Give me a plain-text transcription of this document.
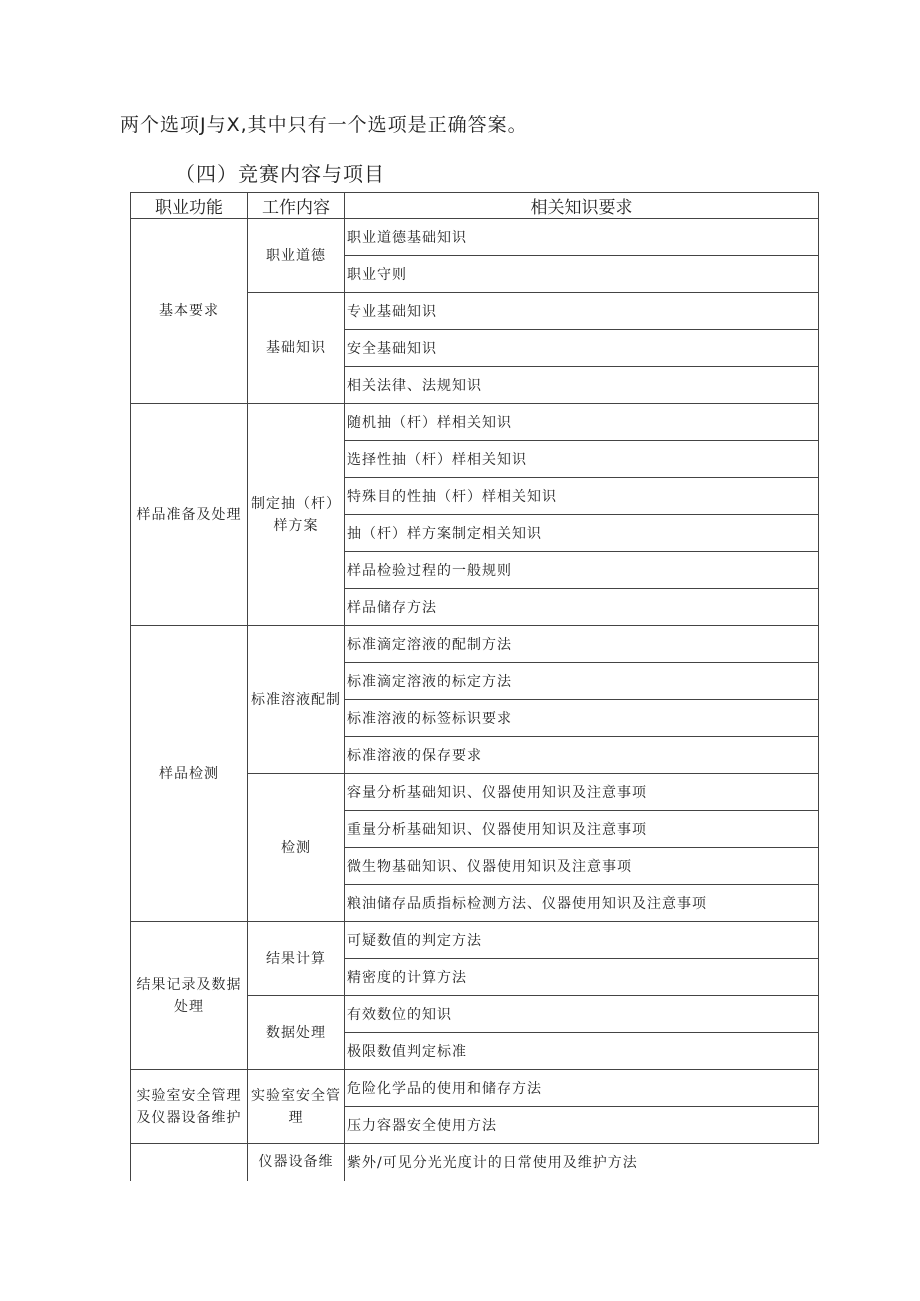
两个选项J与X,其中只有一个选项是正确答案。
（四）竞赛内容与项目
职业功能	工作内容	相关知识要求
基本要求	职业道德	职业道德基础知识
		职业守则
	基础知识	专业基础知识
		安全基础知识
		相关法律、法规知识
样品准备及处理	制定抽（杆）样方案	随机抽（杆）样相关知识
		选择性抽（杆）样相关知识
		特殊目的性抽（杆）样相关知识
		抽（杆）样方案制定相关知识
		样品检验过程的一般规则
		样品储存方法
样品检测	标准溶液配制	标准滴定溶液的配制方法
		标准滴定溶液的标定方法
		标准溶液的标签标识要求
		标准溶液的保存要求
	检测	容量分析基础知识、仪器使用知识及注意事项
		重量分析基础知识、仪器使用知识及注意事项
		微生物基础知识、仪器使用知识及注意事项
		粮油储存品质指标检测方法、仪器使用知识及注意事项
结果记录及数据处理	结果计算	可疑数值的判定方法
		精密度的计算方法
	数据处理	有效数位的知识
		极限数值判定标准
实验室安全管理及仪器设备维护	实验室安全管理	危险化学品的使用和储存方法
		压力容器安全使用方法
	仪器设备维	紫外/可见分光光度计的日常使用及维护方法
